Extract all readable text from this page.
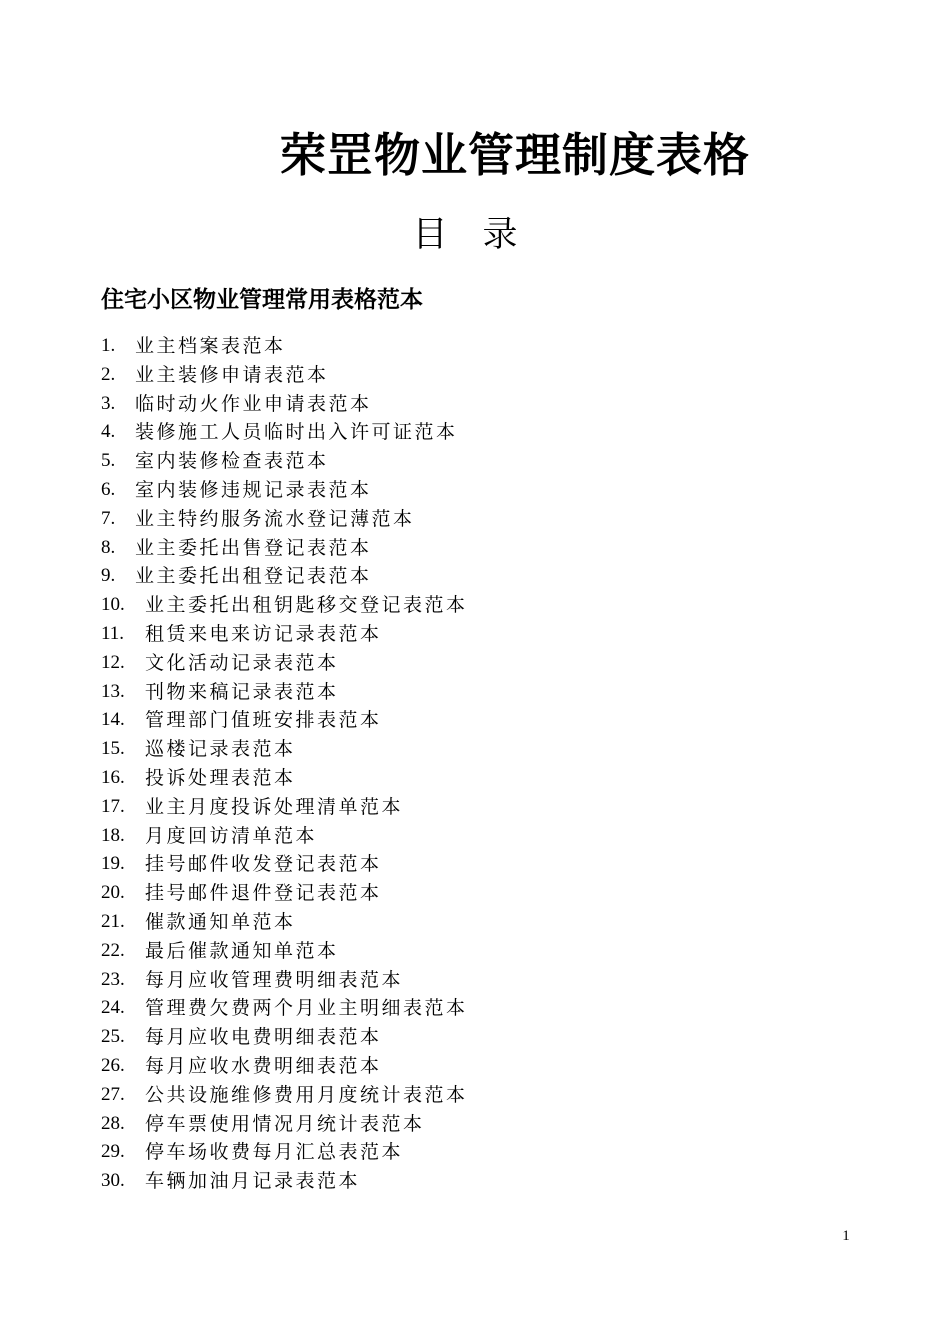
荣罡物业管理制度表格
目　录
住宅小区物业管理常用表格范本
1.	业主档案表范本
2.	业主装修申请表范本
3.	临时动火作业申请表范本
4.	装修施工人员临时出入许可证范本
5.	室内装修检查表范本
6.	室内装修违规记录表范本
7.	业主特约服务流水登记薄范本
8.	业主委托出售登记表范本
9.	业主委托出租登记表范本
10.	业主委托出租钥匙移交登记表范本
11.	租赁来电来访记录表范本
12.	文化活动记录表范本
13.	刊物来稿记录表范本
14.	管理部门值班安排表范本
15.	巡楼记录表范本
16.	投诉处理表范本
17.	业主月度投诉处理清单范本
18.	月度回访清单范本
19.	挂号邮件收发登记表范本
20.	挂号邮件退件登记表范本
21.	催款通知单范本
22.	最后催款通知单范本
23.	每月应收管理费明细表范本
24.	管理费欠费两个月业主明细表范本
25.	每月应收电费明细表范本
26.	每月应收水费明细表范本
27.	公共设施维修费用月度统计表范本
28.	停车票使用情况月统计表范本
29.	停车场收费每月汇总表范本
30.	车辆加油月记录表范本
1
